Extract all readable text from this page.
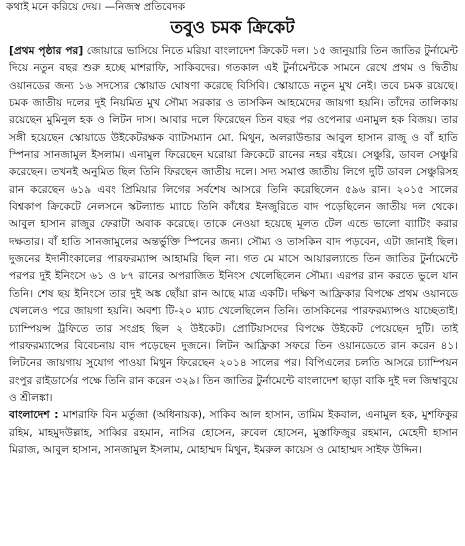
কথাই মনে করিয়ে দেয়। —নিজস্ব প্রতিবেদক
তবুও চমক ক্রিকেট

[প্রথম পৃষ্ঠার পর] জোয়ারে ভাসিয়ে নিতে মরিয়া বাংলাদেশ ক্রিকেট দল। ১৫ জানুয়ারি তিন জাতির টুর্নামেন্ট দিয়ে নতুন বছর শুরু হচ্ছে মাশরাফি, সাকিবদের। গতকাল এই টুর্নামেন্টকে সামনে রেখে প্রথম ও দ্বিতীয় ওয়ানডের জন্য ১৬ সদস্যের স্কোয়াড ঘোষণা করেছে বিসিবি। স্কোয়াডে নতুন মুখ নেই। তবে চমক রয়েছে। চমক জাতীয় দলের দুই নিয়মিত মুখ সৌম্য সরকার ও তাসকিন আহমেদের জায়গা হয়নি। তাঁদের তালিকায় রয়েছেন মুমিনুল হক ও লিটন দাস। আবার দলে ফিরেছেন তিন বছর পর ওপেনার এনামুল হক বিজয়। তার সঙ্গী হয়েছেন স্কোয়াডে উইকেটরক্ষক ব্যাটসম্যান মো. মিথুন, অলরাউন্ডার আবুল হাসান রাজু ও বাঁ হাতি স্পিনার সানজামুল ইসলাম। এনামুল ফিরেছেন ঘরোয়া ক্রিকেটে রানের নহর বইয়ে। সেঞ্চুরি, ডাবল সেঞ্চুরি করেছেন। তখনই অনুমিত ছিল তিনি ফিরছেন জাতীয় দলে। সদ্য সমাপ্ত জাতীয় লিগে দুটি ডাবল সেঞ্চুরিসহ রান করেছেন ৬১৯ এবং প্রিমিয়ার লিগের সর্বশেষ আসরে তিনি করেছিলেন ৫৯৬ রান। ২০১৫ সালের বিশ্বকাপ ক্রিকেটে নেলসনে স্কটল্যান্ড ম্যাচে তিনি কাঁধের ইনজুরিতে বাদ পড়েছিলেন জাতীয় দল থেকে। আবুল হাসান রাজুর ফেরাটা অবাক করেছে। তাকে নেওয়া হয়েছে মূলত টেল এন্ডে ভালো ব্যাটিং করার দক্ষতার। বাঁ হাতি সানজামুলের অন্তর্ভুক্তি স্পিনের জন্য। সৌম্য ও তাসকিন বাদ পড়বেন, এটা জানাই ছিল। দুজনের ইদানীংকালের পারফরম্যান্স আহামরি ছিল না। গত মে মাসে আয়ারল্যান্ডে তিন জাতির টুর্নামেন্টে পরপর দুই ইনিংসে ৬১ ও ৮৭ রানের অপরাজিত ইনিংস খেলেছিলেন সৌম্য। এরপর রান করতে ভুলে যান তিনি। শেষ ছয় ইনিংসে তার দুই অঙ্ক ছোঁয়া রান আছে মাত্র একটি। দক্ষিণ আফ্রিকার বিপক্ষে প্রথম ওয়ানডে খেললেও পরে জায়গা হয়নি। অবশ্য টি-২০ ম্যাচ খেলেছিলেন তিনি। তাসকিনের পারফরম্যান্সও যাচ্ছেতাই। চ্যাম্পিয়ন্স ট্রফিতে তার সংগ্রহ ছিল ২ উইকেট। প্রোটিয়াসদের বিপক্ষে উইকেট পেয়েছেন দুটি। তাই পারফরম্যান্সের বিবেচনায় বাদ পড়েছেন দুজনে। লিটন আফ্রিকা সফরে তিন ওয়ানডেতে রান করেন ৪১। লিটনের জায়গায় সুযোগ পাওয়া মিথুন ফিরেছেন ২০১৪ সালের পর। বিপিএলের চলতি আসরে চ্যাম্পিয়ন রংপুর রাইডার্সের পক্ষে তিনি রান করেন ৩২৯। তিন জাতির টুর্নামেন্টে বাংলাদেশ ছাড়া বাকি দুই দল জিম্বাবুয়ে ও শ্রীলঙ্কা।

বাংলাদেশ : মাশরাফি বিন মর্তুজা (অধিনায়ক), সাকিব আল হাসান, তামিম ইকবাল, এনামুল হক, মুশফিকুর রহিম, মাহমুদউল্লাহ, সাব্বির রহমান, নাসির হোসেন, রুবেল হোসেন, মুস্তাফিজুর রহমান, মেহেদী হাসান মিরাজ, আবুল হাসান, সানজামুল ইসলাম, মোহাম্মদ মিথুন, ইমরুল কায়েস ও মোহাম্মদ সাইফ উদ্দিন।
